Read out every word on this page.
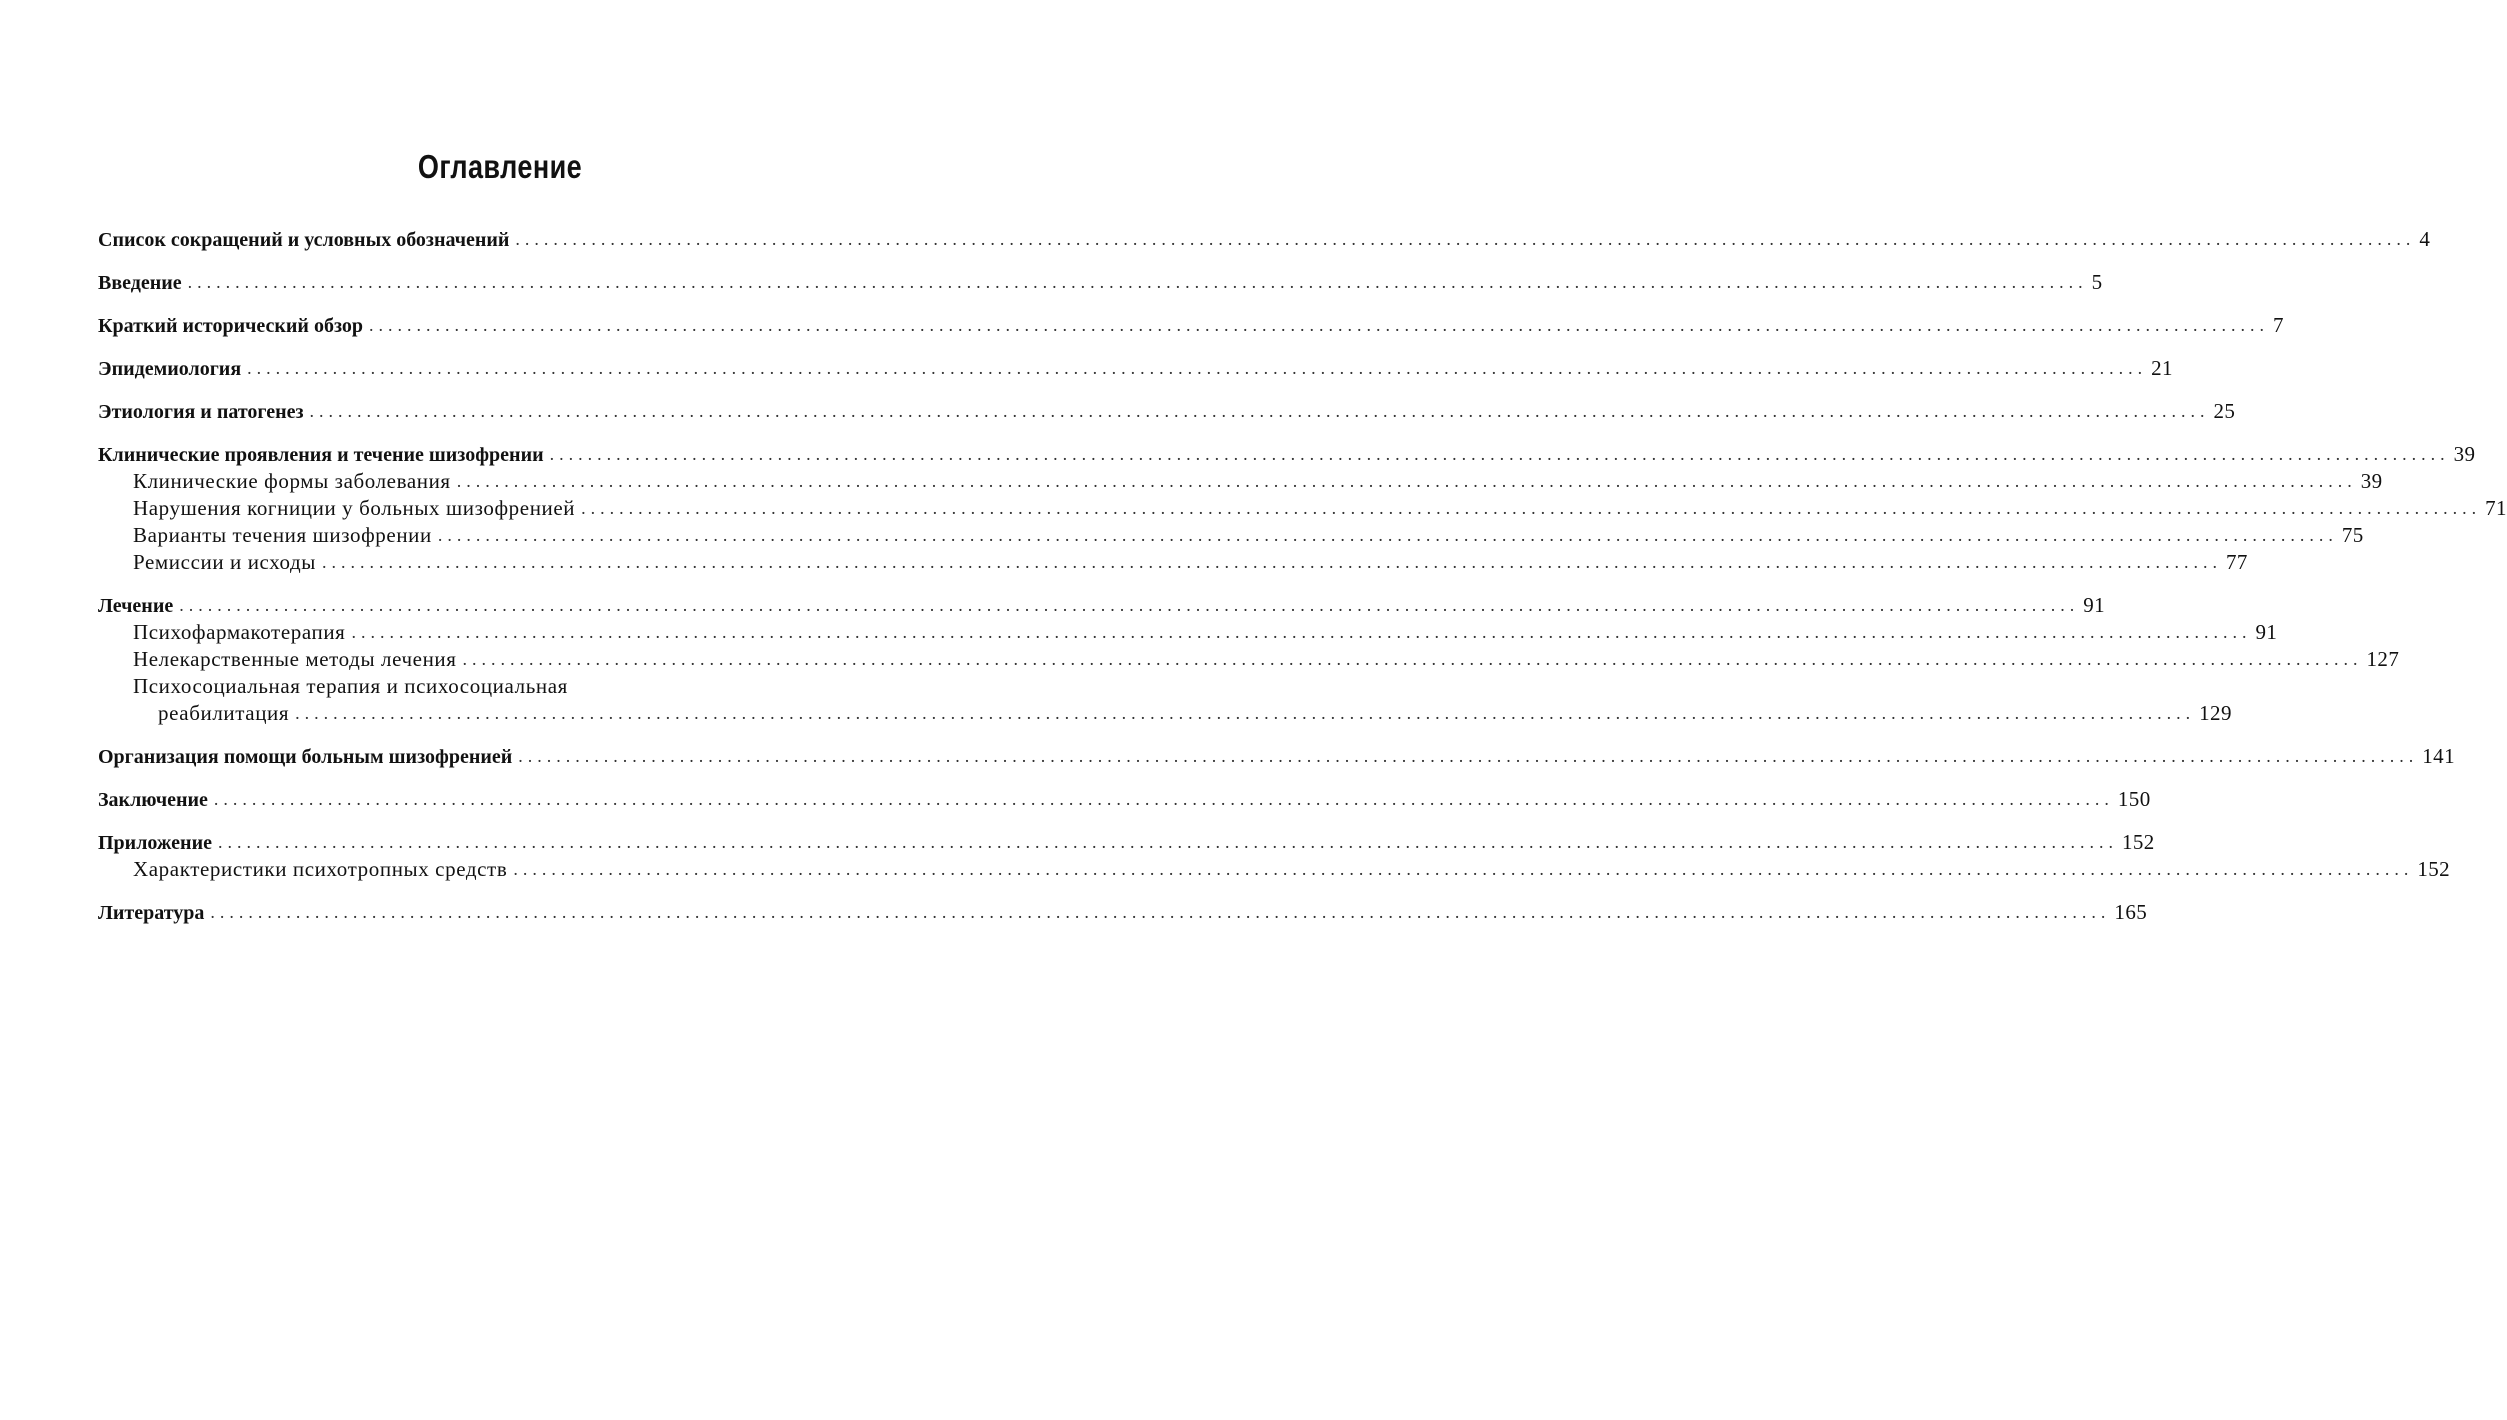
Оглавление
Список сокращений и условных обозначений ........................................................................................................................................................................................................ 4
Введение ........................................................................................................................................................................................................ 5
Краткий исторический обзор ........................................................................................................................................................................................................ 7
Эпидемиология ........................................................................................................................................................................................................ 21
Этиология и патогенез ........................................................................................................................................................................................................ 25
Клинические проявления и течение шизофрении ........................................................................................................................................................................................................ 39
Клинические формы заболевания ........................................................................................................................................................................................................ 39
Нарушения когниции у больных шизофренией ........................................................................................................................................................................................................ 71
Варианты течения шизофрении ........................................................................................................................................................................................................ 75
Ремиссии и исходы ........................................................................................................................................................................................................ 77
Лечение ........................................................................................................................................................................................................ 91
Психофармакотерапия ........................................................................................................................................................................................................ 91
Нелекарственные методы лечения ........................................................................................................................................................................................................ 127
Психосоциальная терапия и психосоциальная
реабилитация ........................................................................................................................................................................................................ 129
Организация помощи больным шизофренией ........................................................................................................................................................................................................ 141
Заключение ........................................................................................................................................................................................................ 150
Приложение ........................................................................................................................................................................................................ 152
Характеристики психотропных средств ........................................................................................................................................................................................................ 152
Литература ........................................................................................................................................................................................................ 165
